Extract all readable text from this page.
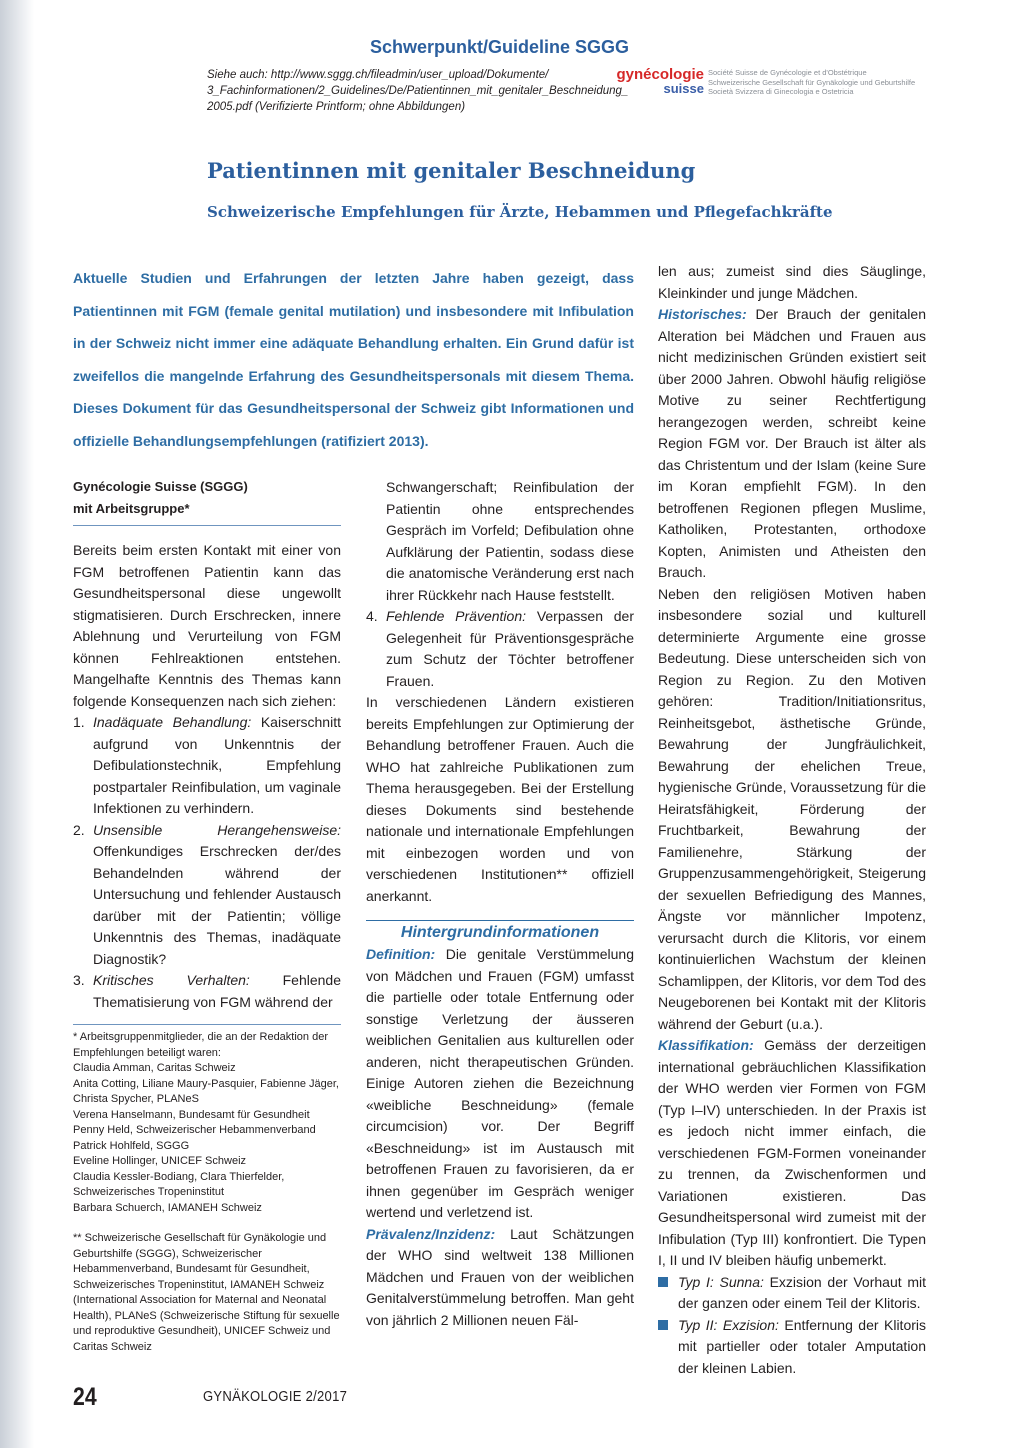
Schwerpunkt/Guideline SGGG
Siehe auch: http://www.sggg.ch/fileadmin/user_upload/Dokumente/
3_Fachinformationen/2_Guidelines/De/Patientinnen_mit_genitaler_Beschneidung_
2005.pdf (Verifizierte Printform; ohne Abbildungen)
gynécologie
suisse
Société Suisse de Gynécologie et d'Obstétrique
Schweizerische Gesellschaft für Gynäkologie und Geburtshilfe
Società Svizzera di Ginecologia e Ostetricia
Patientinnen mit genitaler Beschneidung
Schweizerische Empfehlungen für Ärzte, Hebammen und Pflegefachkräfte
Aktuelle Studien und Erfahrungen der letzten Jahre haben gezeigt, dass Patientinnen mit FGM (female genital mutilation) und insbesondere mit Infibulation in der Schweiz nicht immer eine adäquate Behandlung erhalten. Ein Grund dafür ist zweifellos die mangelnde Erfahrung des Gesundheitspersonals mit diesem Thema. Dieses Dokument für das Gesundheitspersonal der Schweiz gibt Informationen und offizielle Behandlungsempfehlungen (ratifiziert 2013).
Gynécologie Suisse (SGGG)
mit Arbeitsgruppe*

Bereits beim ersten Kontakt mit einer von FGM betroffenen Patientin kann das Gesundheitspersonal diese ungewollt stigmatisieren. Durch Erschrecken, innere Ablehnung und Verurteilung von FGM können Fehlreaktionen entstehen. Mangelhafte Kenntnis des Themas kann folgende Konsequenzen nach sich ziehen:

1. Inadäquate Behandlung: Kaiserschnitt aufgrund von Unkenntnis der Defibulationstechnik, Empfehlung postpartaler Reinfibulation, um vaginale Infektionen zu verhindern.
2. Unsensible Herangehensweise: Offenkundiges Erschrecken der/des Behandelnden während der Untersuchung und fehlender Austausch darüber mit der Patientin; völlige Unkenntnis des Themas, inadäquate Diagnostik?
3. Kritisches Verhalten: Fehlende Thematisierung von FGM während der

* Arbeitsgruppenmitglieder, die an der Redaktion der Empfehlungen beteiligt waren:

Claudia Amman, Caritas Schweiz

Anita Cotting, Liliane Maury-Pasquier, Fabienne Jäger, Christa Spycher, PLANeS

Verena Hanselmann, Bundesamt für Gesundheit

Penny Held, Schweizerischer Hebammenverband

Patrick Hohlfeld, SGGG

Eveline Hollinger, UNICEF Schweiz

Claudia Kessler-Bodiang, Clara Thierfelder, Schweizerisches Tropeninstitut

Barbara Schuerch, IAMANEH Schweiz

** Schweizerische Gesellschaft für Gynäkologie und Geburtshilfe (SGGG), Schweizerischer Hebammenverband, Bundesamt für Gesundheit, Schweizerisches Tropeninstitut, IAMANEH Schweiz (International Association for Maternal and Neonatal Health), PLANeS (Schweizerische Stiftung für sexuelle und reproduktive Gesundheit), UNICEF Schweiz und Caritas Schweiz

Schwangerschaft; Reinfibulation der Patientin ohne entsprechendes Gespräch im Vorfeld; Defibulation ohne Aufklärung der Patientin, sodass diese die anatomische Veränderung erst nach ihrer Rückkehr nach Hause feststellt.

4. Fehlende Prävention: Verpassen der Gelegenheit für Präventionsgespräche zum Schutz der Töchter betroffener Frauen.

In verschiedenen Ländern existieren bereits Empfehlungen zur Optimierung der Behandlung betroffener Frauen. Auch die WHO hat zahlreiche Publikationen zum Thema herausgegeben. Bei der Erstellung dieses Dokuments sind bestehende nationale und internationale Empfehlungen mit einbezogen worden und von verschiedenen Institutionen** offiziell anerkannt.

Hintergrundinformationen

Definition: Die genitale Verstümmelung von Mädchen und Frauen (FGM) umfasst die partielle oder totale Entfernung oder sonstige Verletzung der äusseren weiblichen Genitalien aus kulturellen oder anderen, nicht therapeutischen Gründen. Einige Autoren ziehen die Bezeichnung «weibliche Beschneidung» (female circumcision) vor. Der Begriff «Beschneidung» ist im Austausch mit betroffenen Frauen zu favorisieren, da er ihnen gegenüber im Gespräch weniger wertend und verletzend ist.

Prävalenz/Inzidenz: Laut Schätzungen der WHO sind weltweit 138 Millionen Mädchen und Frauen von der weiblichen Genitalverstümmelung betroffen. Man geht von jährlich 2 Millionen neuen Fäl-

len aus; zumeist sind dies Säuglinge, Kleinkinder und junge Mädchen.

Historisches: Der Brauch der genitalen Alteration bei Mädchen und Frauen aus nicht medizinischen Gründen existiert seit über 2000 Jahren. Obwohl häufig religiöse Motive zu seiner Rechtfertigung herangezogen werden, schreibt keine Region FGM vor. Der Brauch ist älter als das Christentum und der Islam (keine Sure im Koran empfiehlt FGM). In den betroffenen Regionen pflegen Muslime, Katholiken, Protestanten, orthodoxe Kopten, Animisten und Atheisten den Brauch.

Neben den religiösen Motiven haben insbesondere sozial und kulturell determinierte Argumente eine grosse Bedeutung. Diese unterscheiden sich von Region zu Region. Zu den Motiven gehören: Tradition/Initiationsritus, Reinheitsgebot, ästhetische Gründe, Bewahrung der Jungfräulichkeit, Bewahrung der ehelichen Treue, hygienische Gründe, Voraussetzung für die Heiratsfähigkeit, Förderung der Fruchtbarkeit, Bewahrung der Familienehre, Stärkung der Gruppenzusammengehörigkeit, Steigerung der sexuellen Befriedigung des Mannes, Ängste vor männlicher Impotenz, verursacht durch die Klitoris, vor einem kontinuierlichen Wachstum der kleinen Schamlippen, der Klitoris, vor dem Tod des Neugeborenen bei Kontakt mit der Klitoris während der Geburt (u.a.).

Klassifikation: Gemäss der derzeitigen international gebräuchlichen Klassifikation der WHO werden vier Formen von FGM (Typ I–IV) unterschieden. In der Praxis ist es jedoch nicht immer einfach, die verschiedenen FGM-Formen voneinander zu trennen, da Zwischenformen und Variationen existieren. Das Gesundheitspersonal wird zumeist mit der Infibulation (Typ III) konfrontiert. Die Typen I, II und IV bleiben häufig unbemerkt.

Typ I: Sunna: Exzision der Vorhaut mit der ganzen oder einem Teil der Klitoris.
Typ II: Exzision: Entfernung der Klitoris mit partieller oder totaler Amputation der kleinen Labien.
24	GYNÄKOLOGIE 2/2017
